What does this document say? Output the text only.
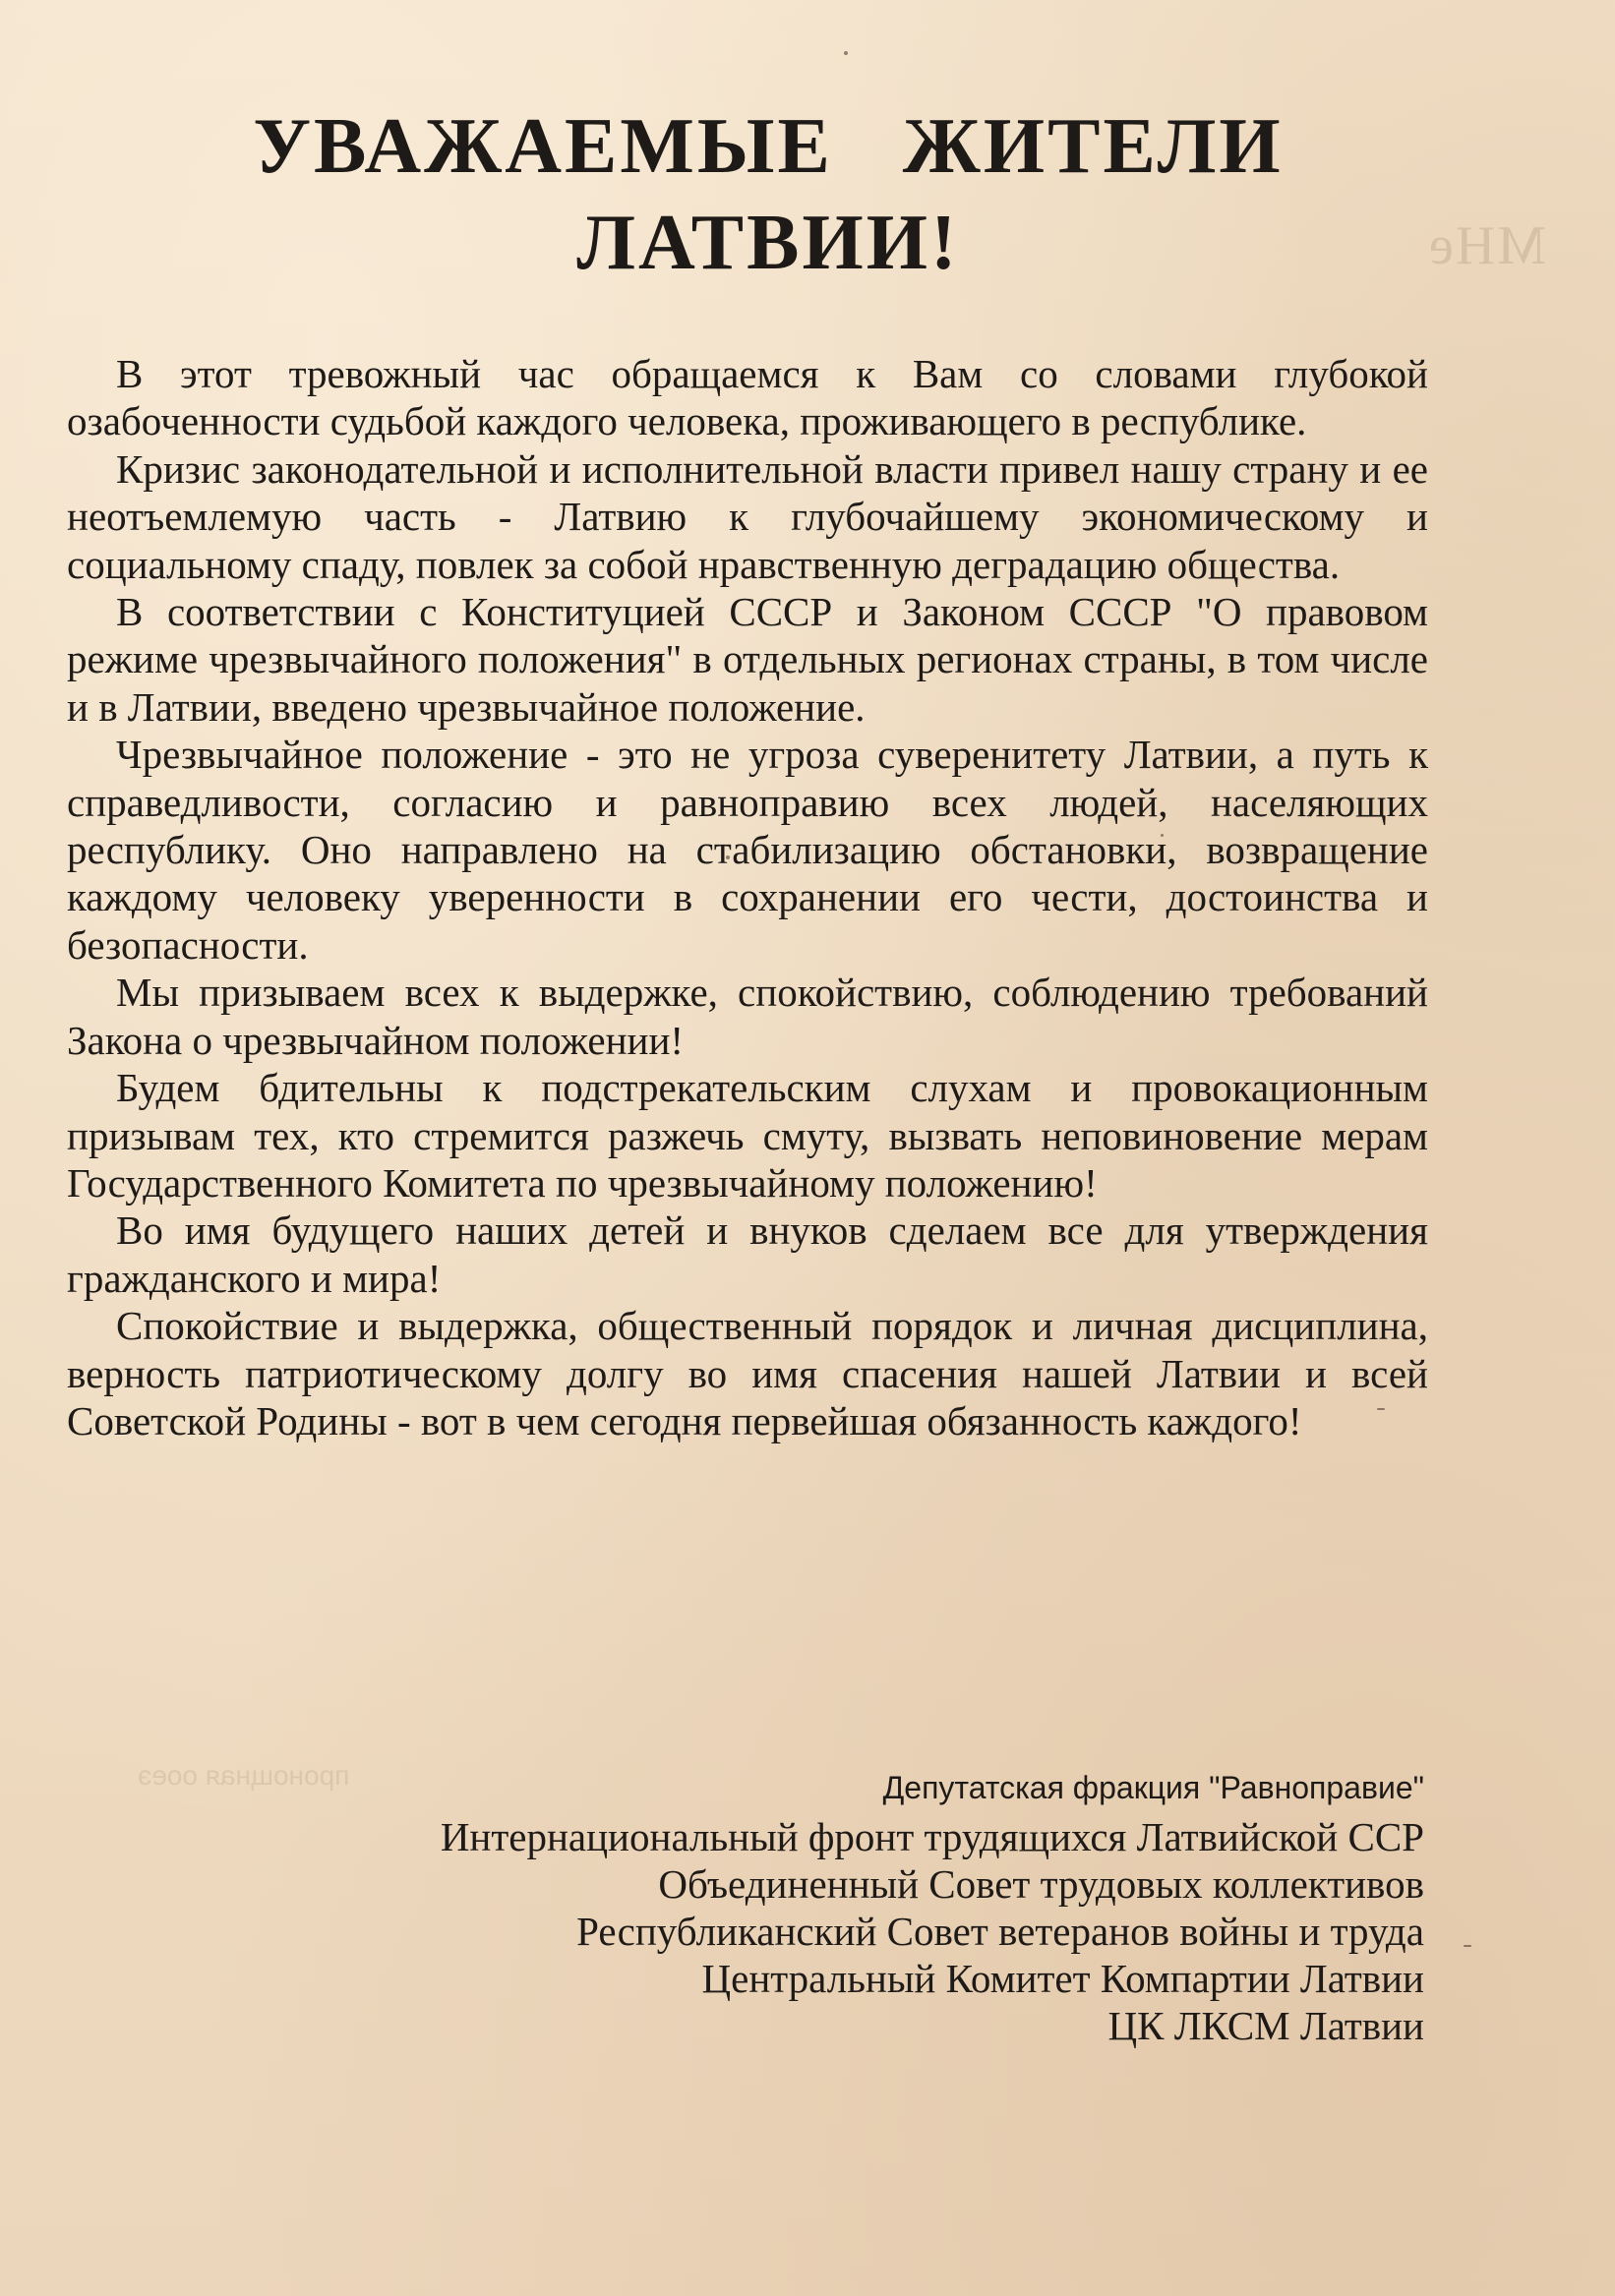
MHe
пронощная ооеэ
УВАЖАЕМЫЕ ЖИТЕЛИ
ЛАТВИИ!

В этот тревожный час обращаемся к Вам со словами глубокой озабоченности судьбой каждого человека, проживающего в республике.

Кризис законодательной и исполнительной власти привел нашу страну и ее неотъемлемую часть - Латвию к глубочайшему экономическому и социальному спаду, повлек за собой нравственную деградацию общества.

В соответствии с Конституцией СССР и Законом СССР "О правовом режиме чрезвычайного положения" в отдельных регионах страны, в том числе и в Латвии, введено чрезвычайное положение.

Чрезвычайное положение - это не угроза суверенитету Латвии, а путь к справедливости, согласию и равноправию всех людей, населяющих республику. Оно направлено на стабилизацию обстановки, возвращение каждому человеку уверенности в сохранении его чести, достоинства и безопасности.

Мы призываем всех к выдержке, спокойствию, соблюдению требований Закона о чрезвычайном положении!

Будем бдительны к подстрекательским слухам и провокационным призывам тех, кто стремится разжечь смуту, вызвать неповиновение мерам Государственного Комитета по чрезвычайному положению!

Во имя будущего наших детей и внуков сделаем все для утверждения гражданского и мира!

Спокойствие и выдержка, общественный порядок и личная дисциплина, верность патриотическому долгу во имя спасения нашей Латвии и всей Советской Родины - вот в чем сегодня первейшая обязанность каждого!

Депутатская фракция "Равноправие"
Интернациональный фронт трудящихся Латвийской ССР
Объединенный Совет трудовых коллективов
Республиканский Совет ветеранов войны и труда
Центральный Комитет Компартии Латвии
ЦК ЛКСМ Латвии
